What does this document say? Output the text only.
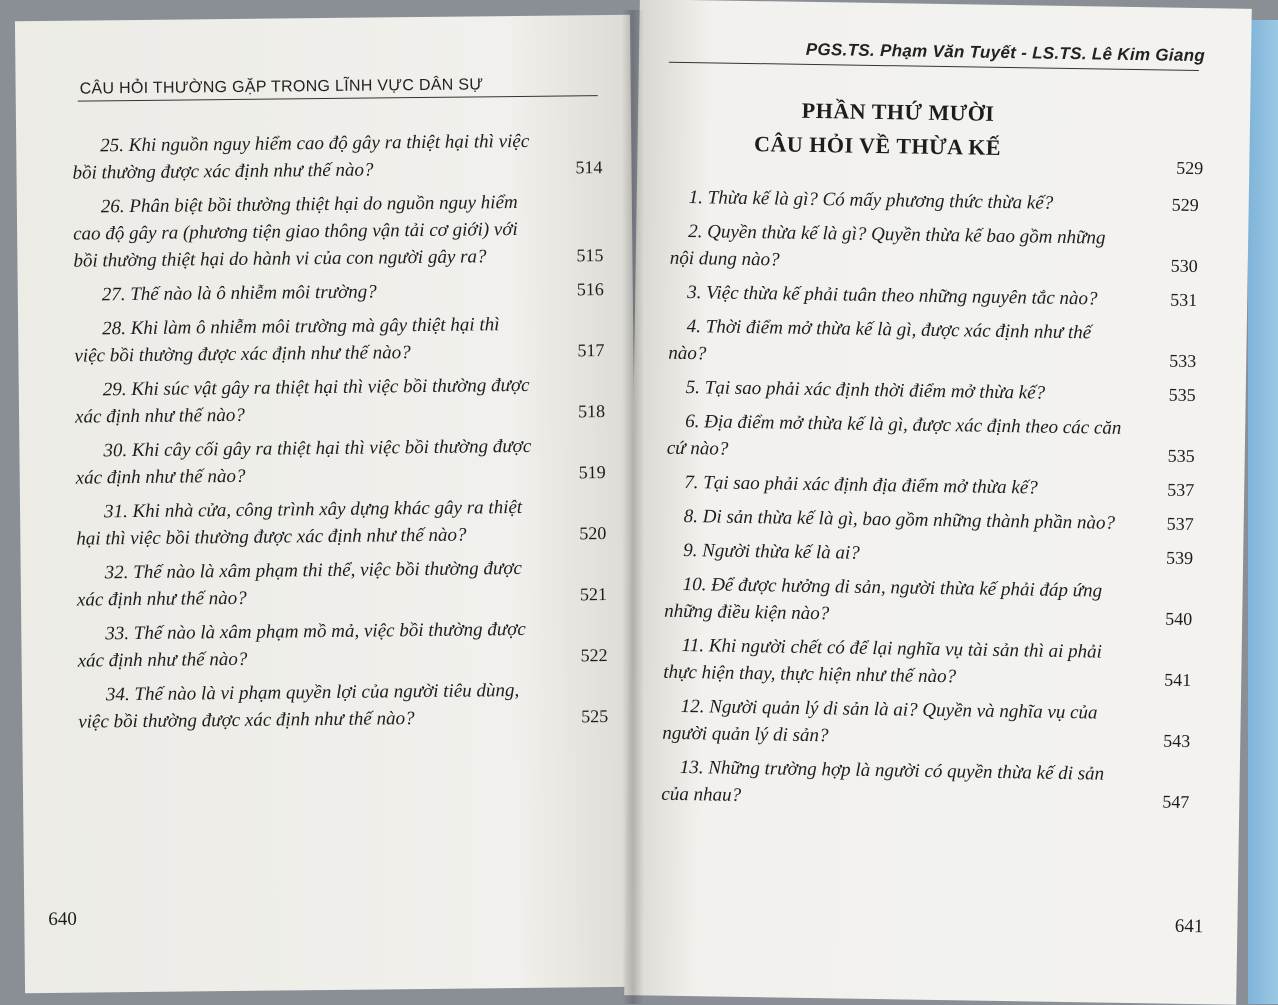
CÂU HỎI THƯỜNG GẶP TRONG LĨNH VỰC DÂN SỰ
25. Khi nguồn nguy hiểm cao độ gây ra thiệt hại thì việc bồi thường được xác định như thế nào?	514
26. Phân biệt bồi thường thiệt hại do nguồn nguy hiểm cao độ gây ra (phương tiện giao thông vận tải cơ giới) với bồi thường thiệt hại do hành vi của con người gây ra?	515
27. Thế nào là ô nhiễm môi trường?	516
28. Khi làm ô nhiễm môi trường mà gây thiệt hại thì việc bồi thường được xác định như thế nào?	517
29. Khi súc vật gây ra thiệt hại thì việc bồi thường được xác định như thế nào?	518
30. Khi cây cối gây ra thiệt hại thì việc bồi thường được xác định như thế nào?	519
31. Khi nhà cửa, công trình xây dựng khác gây ra thiệt hại thì việc bồi thường được xác định như thế nào?	520
32. Thế nào là xâm phạm thi thể, việc bồi thường được xác định như thế nào?	521
33. Thế nào là xâm phạm mồ mả, việc bồi thường được xác định như thế nào?	522
34. Thế nào là vi phạm quyền lợi của người tiêu dùng, việc bồi thường được xác định như thế nào?	525
640
PGS.TS. Phạm Văn Tuyết - LS.TS. Lê Kim Giang
PHẦN THỨ MƯỜI
CÂU HỎI VỀ THỪA KẾ
529
1. Thừa kế là gì? Có mấy phương thức thừa kế?	529
2. Quyền thừa kế là gì? Quyền thừa kế bao gồm những nội dung nào?	530
3. Việc thừa kế phải tuân theo những nguyên tắc nào?	531
4. Thời điểm mở thừa kế là gì, được xác định như thế nào?	533
5. Tại sao phải xác định thời điểm mở thừa kế?	535
6. Địa điểm mở thừa kế là gì, được xác định theo các căn cứ nào?	535
7. Tại sao phải xác định địa điểm mở thừa kế?	537
8. Di sản thừa kế là gì, bao gồm những thành phần nào?	537
9. Người thừa kế là ai?	539
10. Để được hưởng di sản, người thừa kế phải đáp ứng những điều kiện nào?	540
11. Khi người chết có để lại nghĩa vụ tài sản thì ai phải thực hiện thay, thực hiện như thế nào?	541
12. Người quản lý di sản là ai? Quyền và nghĩa vụ của người quản lý di sản?	543
13. Những trường hợp là người có quyền thừa kế di sản của nhau?	547
641
